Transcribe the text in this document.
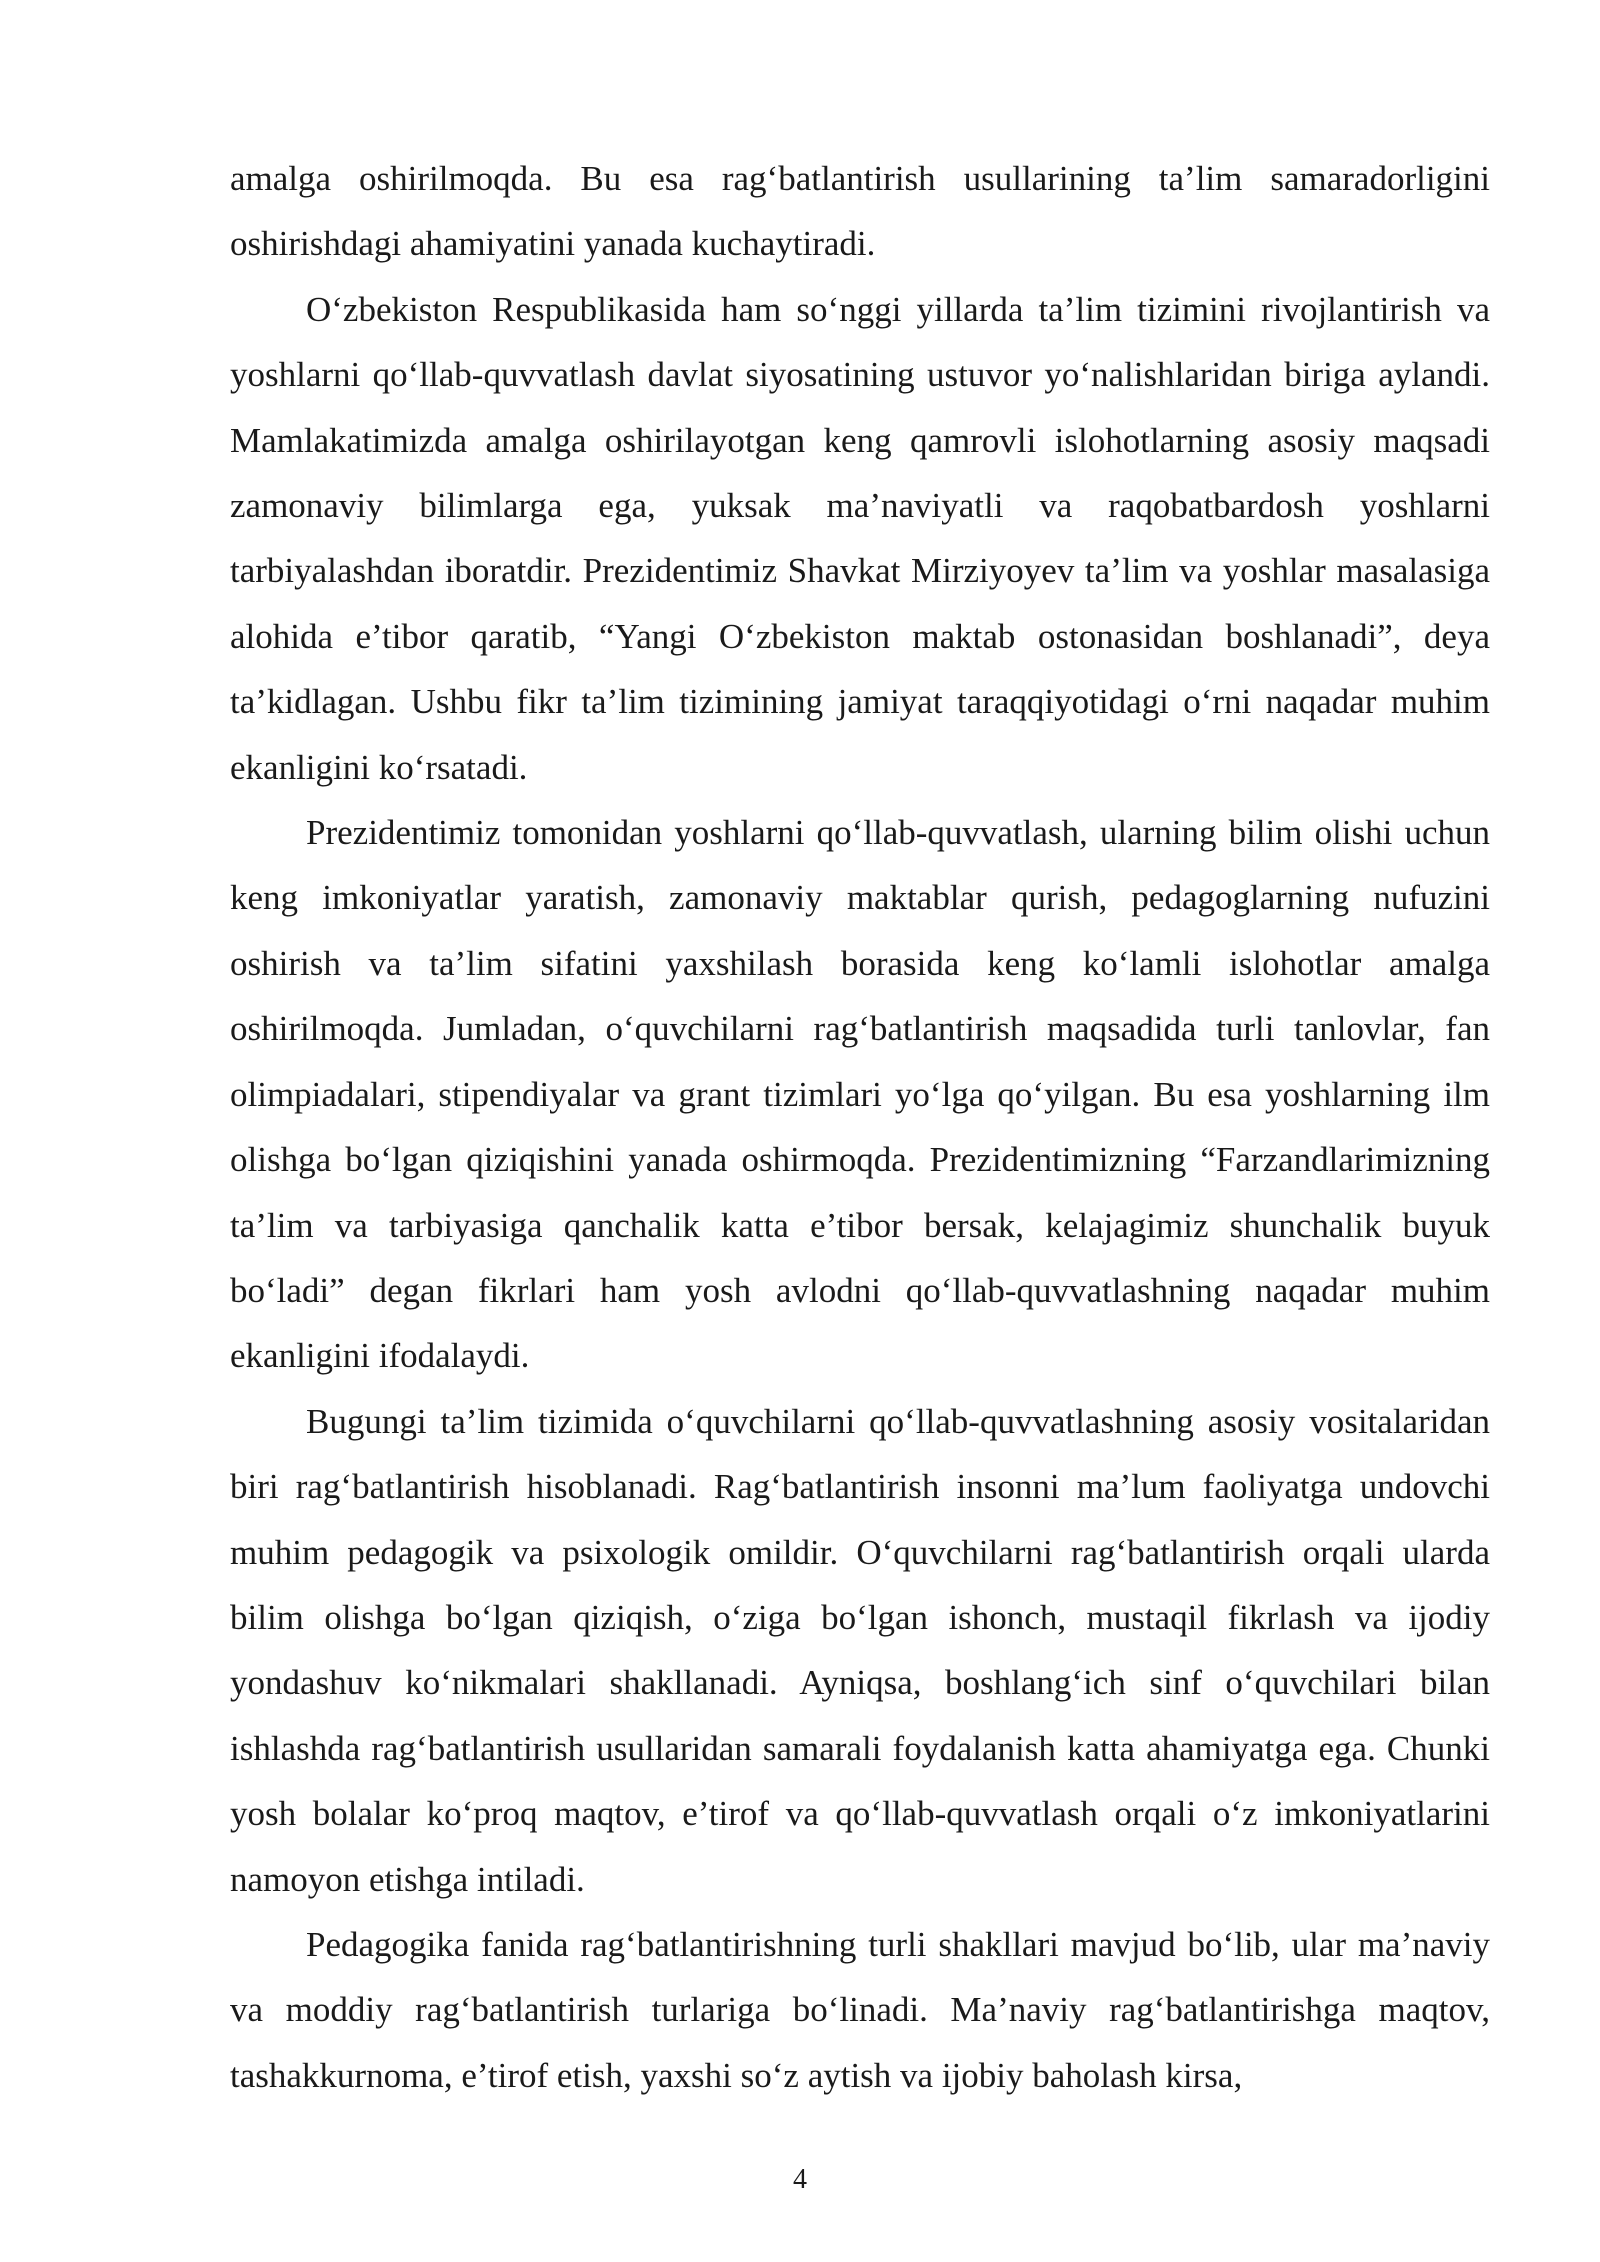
amalga oshirilmoqda. Bu esa rag‘batlantirish usullarining ta’lim samaradorligini oshirishdagi ahamiyatini yanada kuchaytiradi.

O‘zbekiston Respublikasida ham so‘nggi yillarda ta’lim tizimini rivojlantirish va yoshlarni qo‘llab-quvvatlash davlat siyosatining ustuvor yo‘nalishlaridan biriga aylandi. Mamlakatimizda amalga oshirilayotgan keng qamrovli islohotlarning asosiy maqsadi zamonaviy bilimlarga ega, yuksak ma’naviyatli va raqobatbardosh yoshlarni tarbiyalashdan iboratdir. Prezidentimiz Shavkat Mirziyoyev ta’lim va yoshlar masalasiga alohida e’tibor qaratib, “Yangi O‘zbekiston maktab ostonasidan boshlanadi”, deya ta’kidlagan. Ushbu fikr ta’lim tizimining jamiyat taraqqiyotidagi o‘rni naqadar muhim ekanligini ko‘rsatadi.

Prezidentimiz tomonidan yoshlarni qo‘llab-quvvatlash, ularning bilim olishi uchun keng imkoniyatlar yaratish, zamonaviy maktablar qurish, pedagoglarning nufuzini oshirish va ta’lim sifatini yaxshilash borasida keng ko‘lamli islohotlar amalga oshirilmoqda. Jumladan, o‘quvchilarni rag‘batlantirish maqsadida turli tanlovlar, fan olimpiadalari, stipendiyalar va grant tizimlari yo‘lga qo‘yilgan. Bu esa yoshlarning ilm olishga bo‘lgan qiziqishini yanada oshirmoqda. Prezidentimizning “Farzandlarimizning ta’lim va tarbiyasiga qanchalik katta e’tibor bersak, kelajagimiz shunchalik buyuk bo‘ladi” degan fikrlari ham yosh avlodni qo‘llab-quvvatlashning naqadar muhim ekanligini ifodalaydi.

Bugungi ta’lim tizimida o‘quvchilarni qo‘llab-quvvatlashning asosiy vositalaridan biri rag‘batlantirish hisoblanadi. Rag‘batlantirish insonni ma’lum faoliyatga undovchi muhim pedagogik va psixologik omildir. O‘quvchilarni rag‘batlantirish orqali ularda bilim olishga bo‘lgan qiziqish, o‘ziga bo‘lgan ishonch, mustaqil fikrlash va ijodiy yondashuv ko‘nikmalari shakllanadi. Ayniqsa, boshlang‘ich sinf o‘quvchilari bilan ishlashda rag‘batlantirish usullaridan samarali foydalanish katta ahamiyatga ega. Chunki yosh bolalar ko‘proq maqtov, e’tirof va qo‘llab-quvvatlash orqali o‘z imkoniyatlarini namoyon etishga intiladi.

Pedagogika fanida rag‘batlantirishning turli shakllari mavjud bo‘lib, ular ma’naviy va moddiy rag‘batlantirish turlariga bo‘linadi. Ma’naviy rag‘batlantirishga maqtov, tashakkurnoma, e’tirof etish, yaxshi so‘z aytish va ijobiy baholash kirsa,

4
